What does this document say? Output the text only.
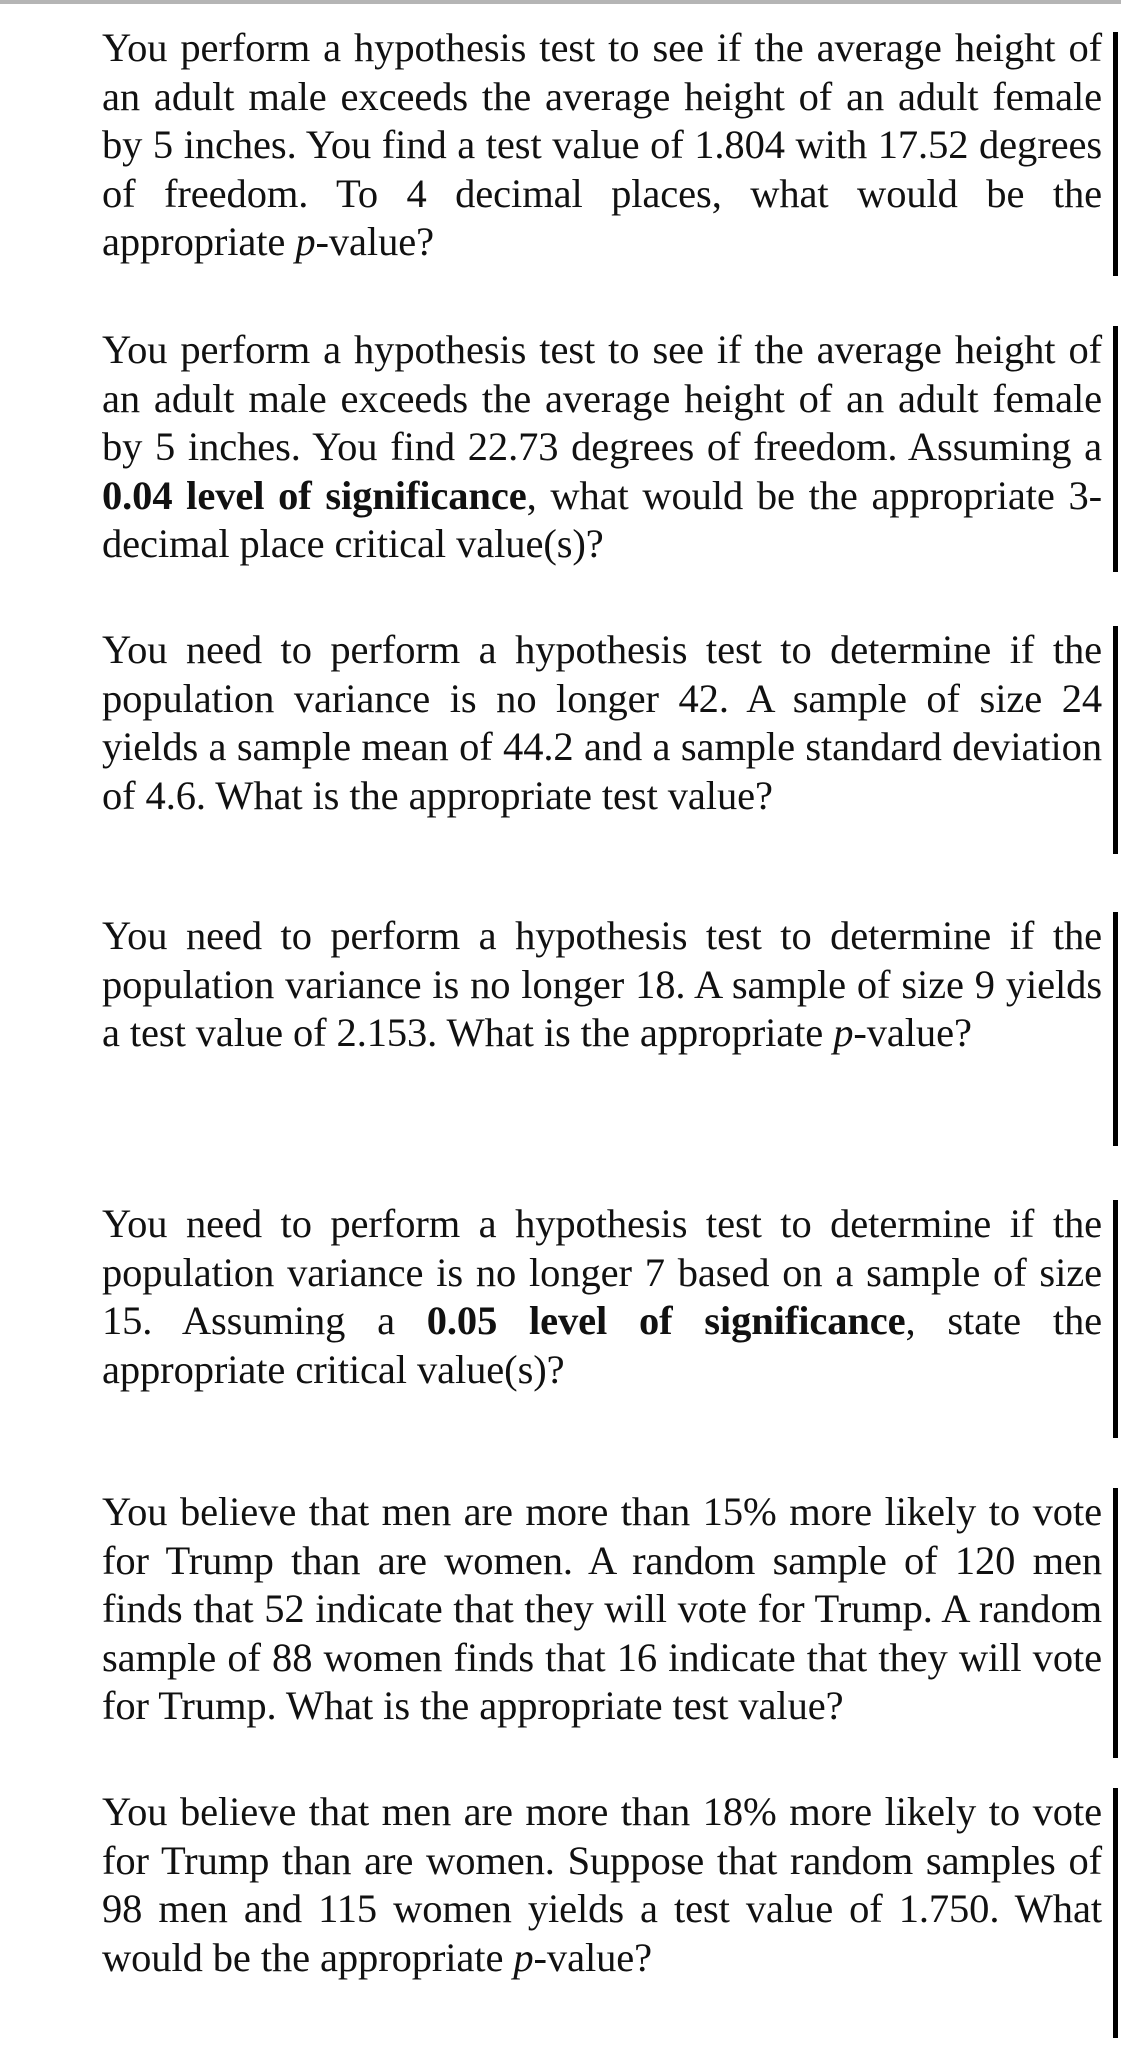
You perform a hypothesis test to see if the average height of an adult male exceeds the average height of an adult female by 5 inches. You find a test value of 1.804 with 17.52 degrees of freedom. To 4 decimal places, what would be the appropriate p-value?
You perform a hypothesis test to see if the average height of an adult male exceeds the average height of an adult female by 5 inches. You find 22.73 degrees of freedom. Assuming a 0.04 level of significance, what would be the appropriate 3-decimal place critical value(s)?
You need to perform a hypothesis test to determine if the population variance is no longer 42. A sample of size 24 yields a sample mean of 44.2 and a sample standard deviation of 4.6. What is the appropriate test value?
You need to perform a hypothesis test to determine if the population variance is no longer 18. A sample of size 9 yields a test value of 2.153. What is the appropriate p-value?
You need to perform a hypothesis test to determine if the population variance is no longer 7 based on a sample of size 15. Assuming a 0.05 level of significance, state the appropriate critical value(s)?
You believe that men are more than 15% more likely to vote for Trump than are women. A random sample of 120 men finds that 52 indicate that they will vote for Trump. A random sample of 88 women finds that 16 indicate that they will vote for Trump. What is the appropriate test value?
You believe that men are more than 18% more likely to vote for Trump than are women. Suppose that random samples of 98 men and 115 women yields a test value of 1.750. What would be the appropriate p-value?
